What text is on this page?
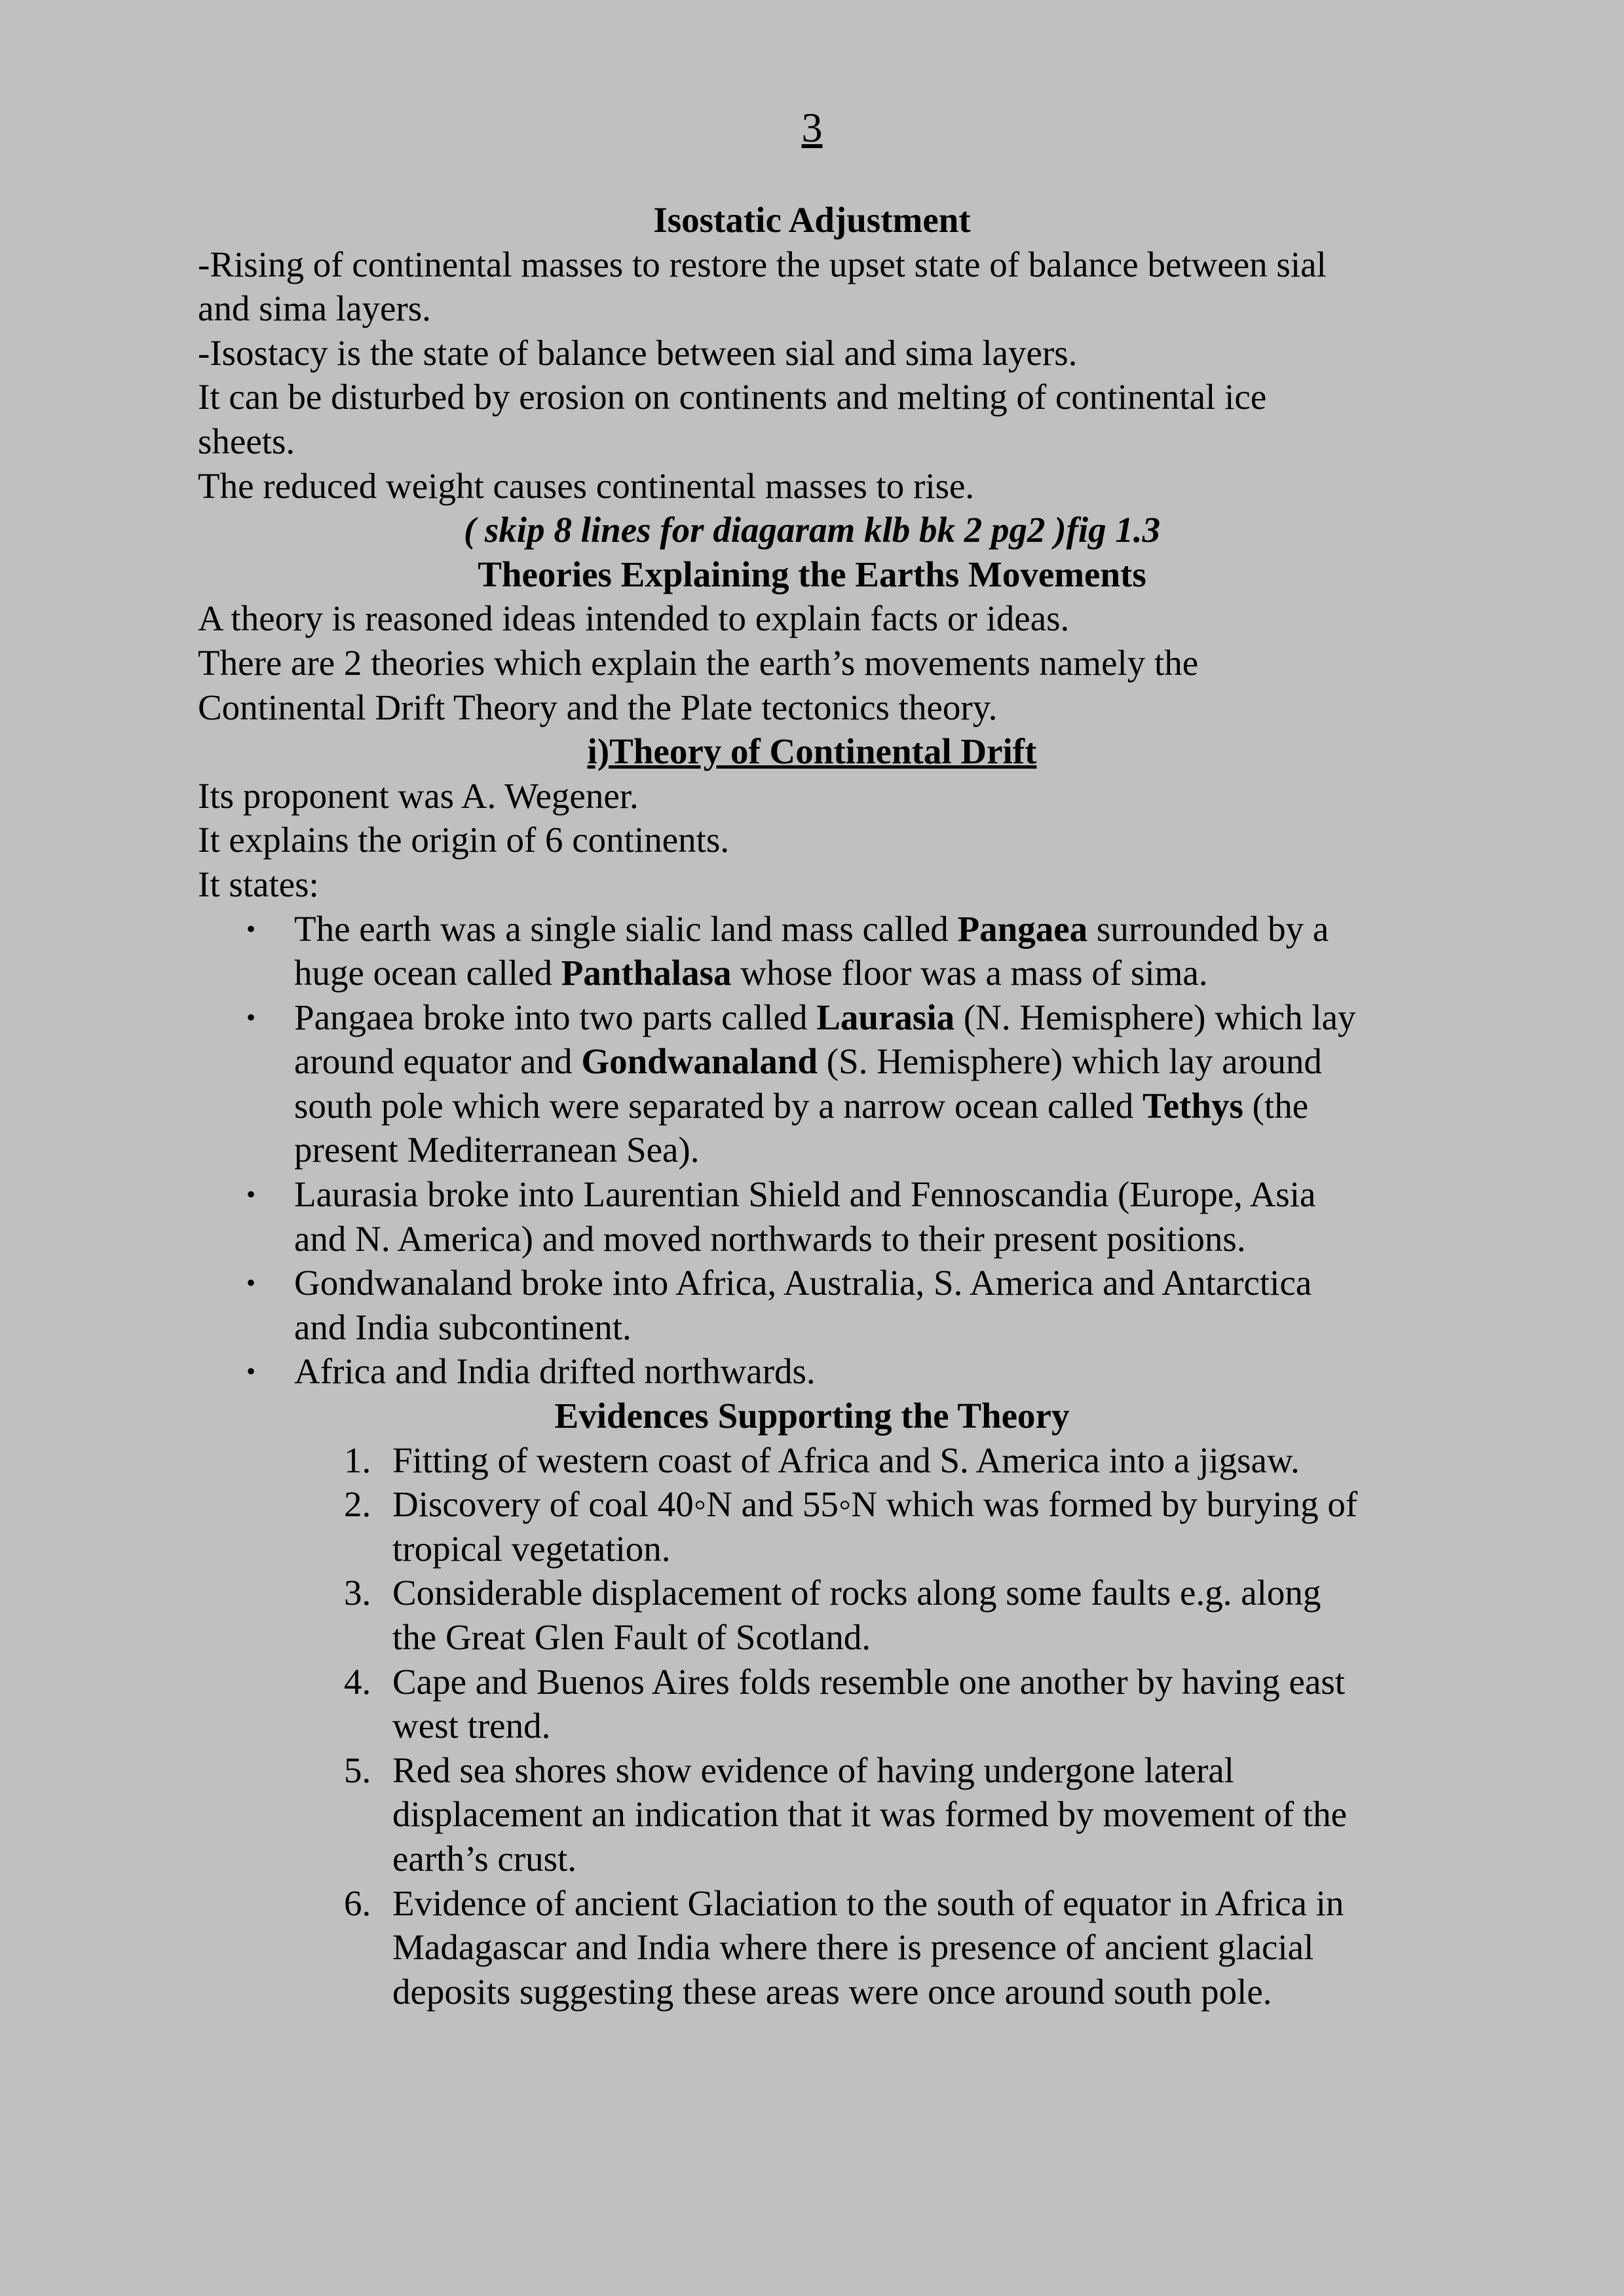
3
Isostatic Adjustment
-Rising of continental masses to restore the upset state of balance between sial
and sima layers.
-Isostacy is the state of balance between sial and sima layers.
It can be disturbed by erosion on continents and melting of continental ice
sheets.
The reduced weight causes continental masses to rise.
( skip 8 lines for diagaram klb bk 2 pg2 )fig 1.3
Theories Explaining the Earths Movements
A theory is reasoned ideas intended to explain facts or ideas.
There are 2 theories which explain the earth’s movements namely the
Continental Drift Theory and the Plate tectonics theory.
i)Theory of Continental Drift
Its proponent was A. Wegener.
It explains the origin of 6 continents.
It states:
• The earth was a single sialic land mass called Pangaea surrounded by a
huge ocean called Panthalasa whose floor was a mass of sima.
• Pangaea broke into two parts called Laurasia (N. Hemisphere) which lay
around equator and Gondwanaland (S. Hemisphere) which lay around
south pole which were separated by a narrow ocean called Tethys (the
present Mediterranean Sea).
• Laurasia broke into Laurentian Shield and Fennoscandia (Europe, Asia
and N. America) and moved northwards to their present positions.
• Gondwanaland broke into Africa, Australia, S. America and Antarctica
and India subcontinent.
• Africa and India drifted northwards.
Evidences Supporting the Theory
1. Fitting of western coast of Africa and S. America into a jigsaw.
2. Discovery of coal 40◦N and 55◦N which was formed by burying of
tropical vegetation.
3. Considerable displacement of rocks along some faults e.g. along
the Great Glen Fault of Scotland.
4. Cape and Buenos Aires folds resemble one another by having east
west trend.
5. Red sea shores show evidence of having undergone lateral
displacement an indication that it was formed by movement of the
earth’s crust.
6. Evidence of ancient Glaciation to the south of equator in Africa in
Madagascar and India where there is presence of ancient glacial
deposits suggesting these areas were once around south pole.
